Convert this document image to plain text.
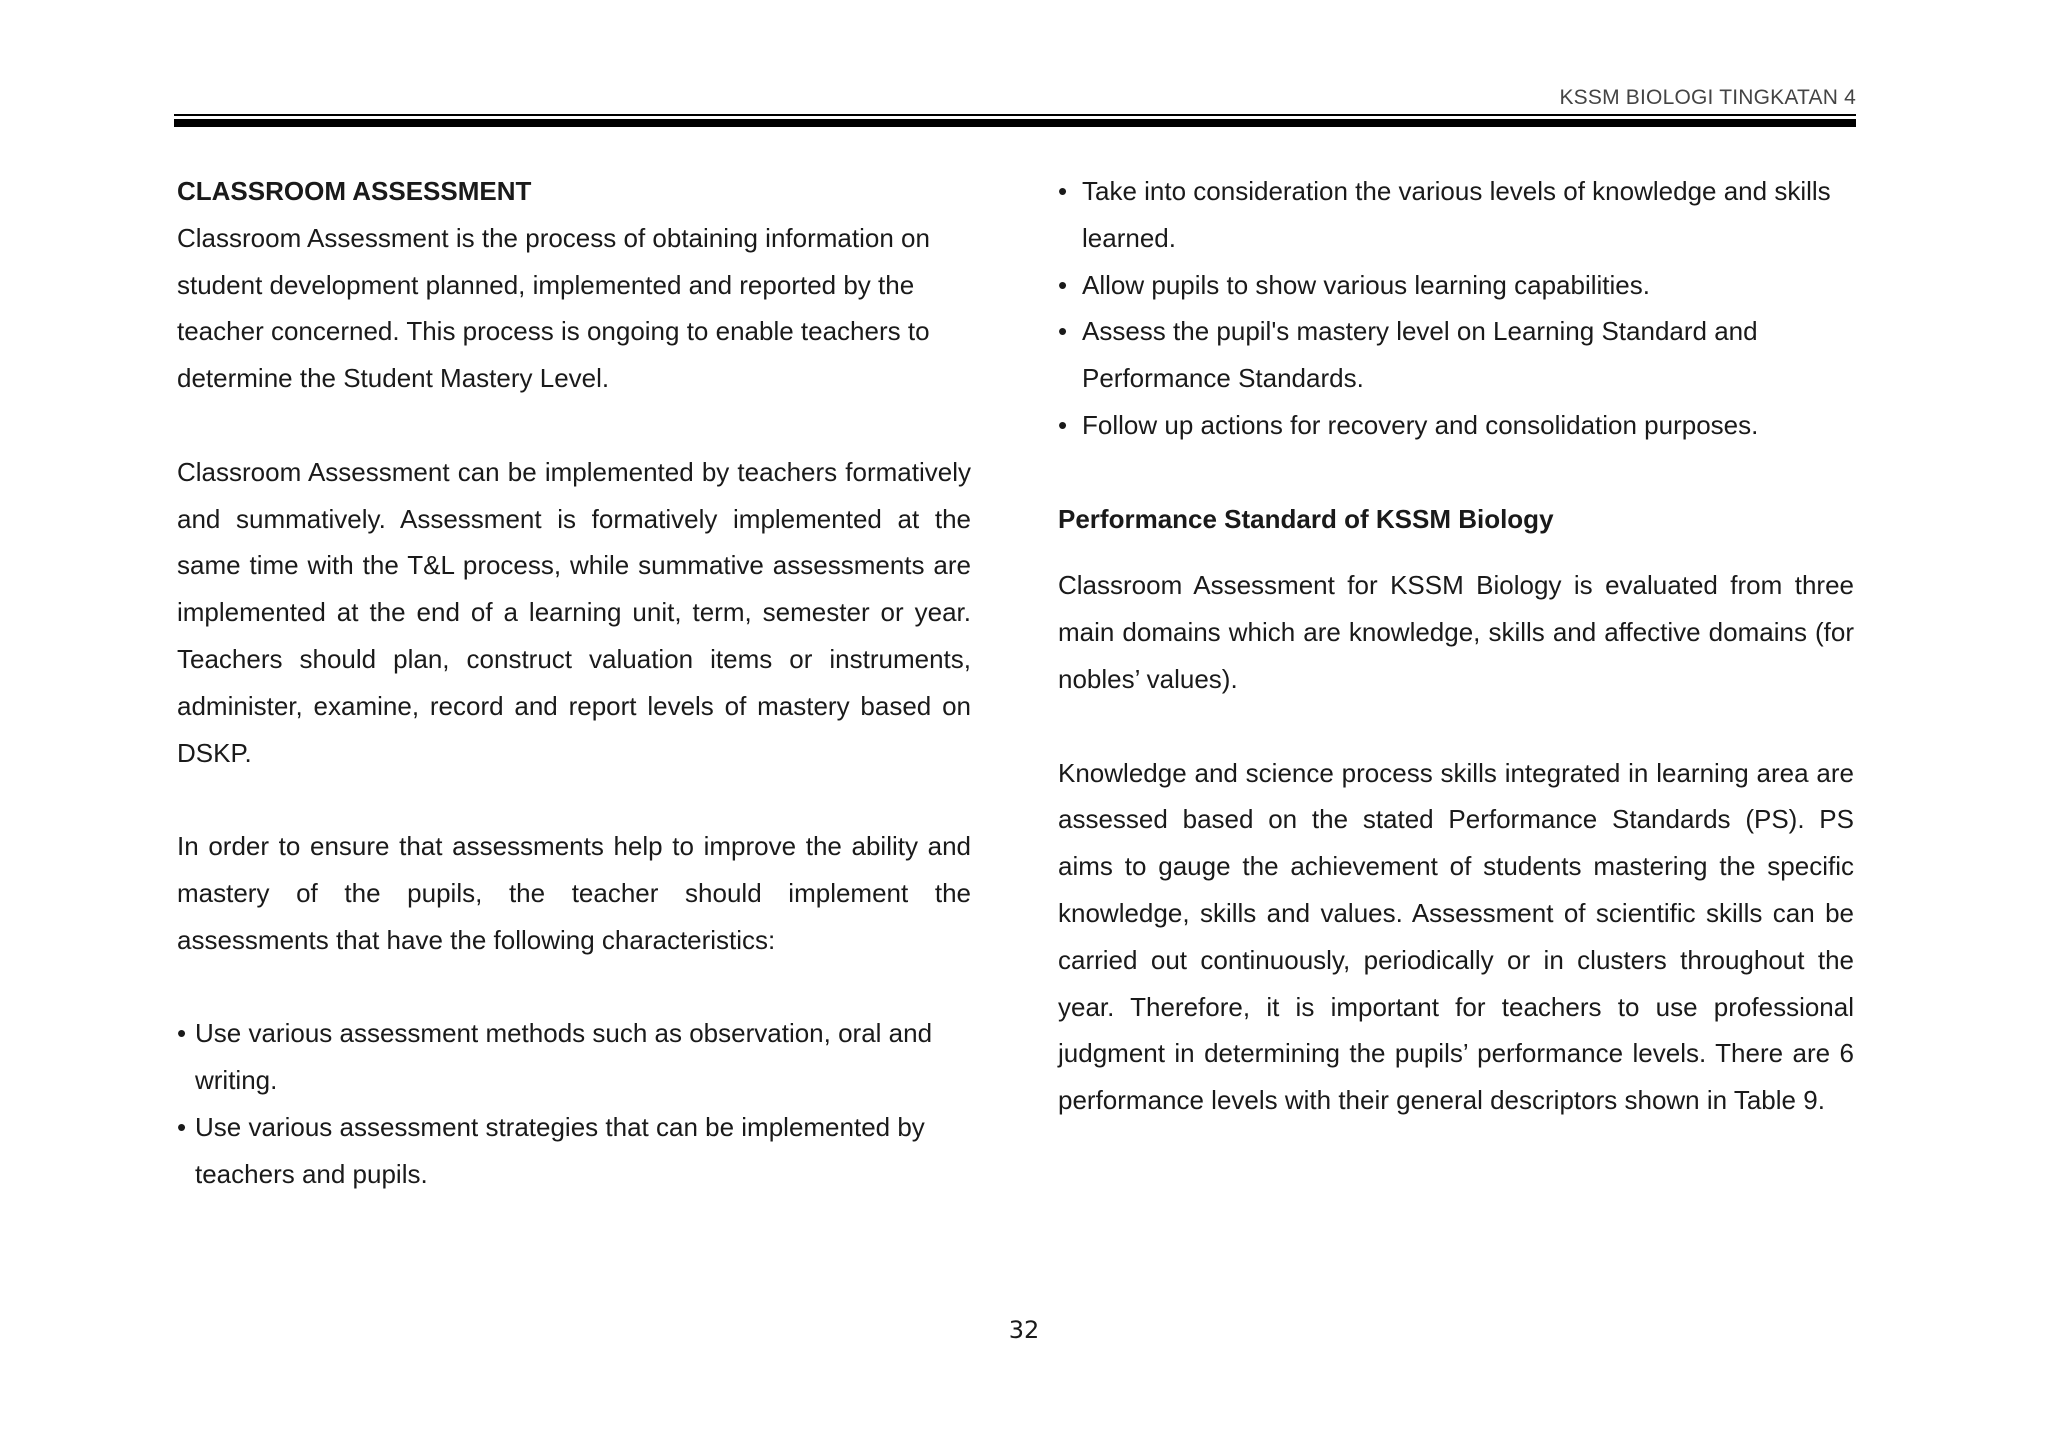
KSSM BIOLOGI TINGKATAN 4
CLASSROOM ASSESSMENT

Classroom Assessment is the process of obtaining information on student development planned, implemented and reported by the teacher concerned. This process is ongoing to enable teachers to determine the Student Mastery Level.

Classroom Assessment can be implemented by teachers formatively and summatively. Assessment is formatively implemented at the same time with the T&L process, while summative assessments are implemented at the end of a learning unit, term, semester or year. Teachers should plan, construct valuation items or instruments, administer, examine, record and report levels of mastery based on DSKP.

In order to ensure that assessments help to improve the ability and mastery of the pupils, the teacher should implement the assessments that have the following characteristics:

• Use various assessment methods such as observation, oral and writing.
• Use various assessment strategies that can be implemented by teachers and pupils.
• Take into consideration the various levels of knowledge and skills learned.
• Allow pupils to show various learning capabilities.
• Assess the pupil's mastery level on Learning Standard and Performance Standards.
• Follow up actions for recovery and consolidation purposes.
Performance Standard of KSSM Biology

Classroom Assessment for KSSM Biology is evaluated from three main domains which are knowledge, skills and affective domains (for nobles’ values).

Knowledge and science process skills integrated in learning area are assessed based on the stated Performance Standards (PS). PS aims to gauge the achievement of students mastering the specific knowledge, skills and values. Assessment of scientific skills can be carried out continuously, periodically or in clusters throughout the year. Therefore, it is important for teachers to use professional judgment in determining the pupils’ performance levels. There are 6 performance levels with their general descriptors shown in Table 9.

32
